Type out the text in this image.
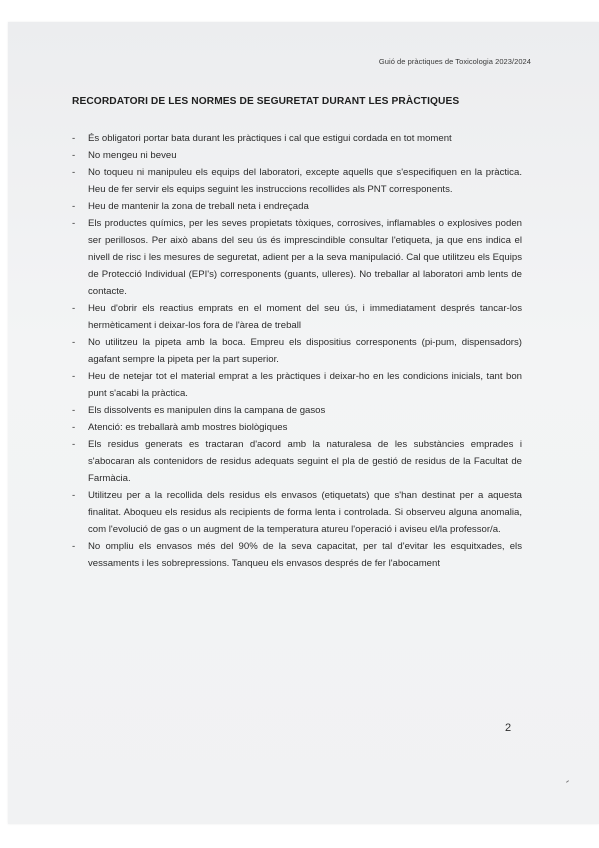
Guió de pràctiques de Toxicologia 2023/2024
RECORDATORI DE LES NORMES DE SEGURETAT DURANT LES PRÀCTIQUES
- És obligatori portar bata durant les pràctiques i cal que estigui cordada en tot moment
- No mengeu ni beveu
- No toqueu ni manipuleu els equips del laboratori, excepte aquells que s'especifiquen en la pràctica. Heu de fer servir els equips seguint les instruccions recollides als PNT corresponents.
- Heu de mantenir la zona de treball neta i endreçada
- Els productes químics, per les seves propietats tòxiques, corrosives, inflamables o explosives poden ser perillosos. Per això abans del seu ús és imprescindible consultar l'etiqueta, ja que ens indica el nivell de risc i les mesures de seguretat, adient per a la seva manipulació. Cal que utilitzeu els Equips de Protecció Individual (EPI's) corresponents (guants, ulleres). No treballar al laboratori amb lents de contacte.
- Heu d'obrir els reactius emprats en el moment del seu ús, i immediatament després tancar-los hermèticament i deixar-los fora de l'àrea de treball
- No utilitzeu la pipeta amb la boca. Empreu els dispositius corresponents (pi-pum, dispensadors) agafant sempre la pipeta per la part superior.
- Heu de netejar tot el material emprat a les pràctiques i deixar-ho en les condicions inicials, tant bon punt s'acabi la pràctica.
- Els dissolvents es manipulen dins la campana de gasos
- Atenció: es treballarà amb mostres biològiques
- Els residus generats es tractaran d'acord amb la naturalesa de les substàncies emprades i s'abocaran als contenidors de residus adequats seguint el pla de gestió de residus de la Facultat de Farmàcia.
- Utilitzeu per a la recollida dels residus els envasos (etiquetats) que s'han destinat per a aquesta finalitat. Aboqueu els residus als recipients de forma lenta i controlada. Si observeu alguna anomalia, com l'evolució de gas o un augment de la temperatura atureu l'operació i aviseu el/la professor/a.
- No ompliu els envasos més del 90% de la seva capacitat, per tal d'evitar les esquitxades, els vessaments i les sobrepressions. Tanqueu els envasos després de fer l'abocament
2
